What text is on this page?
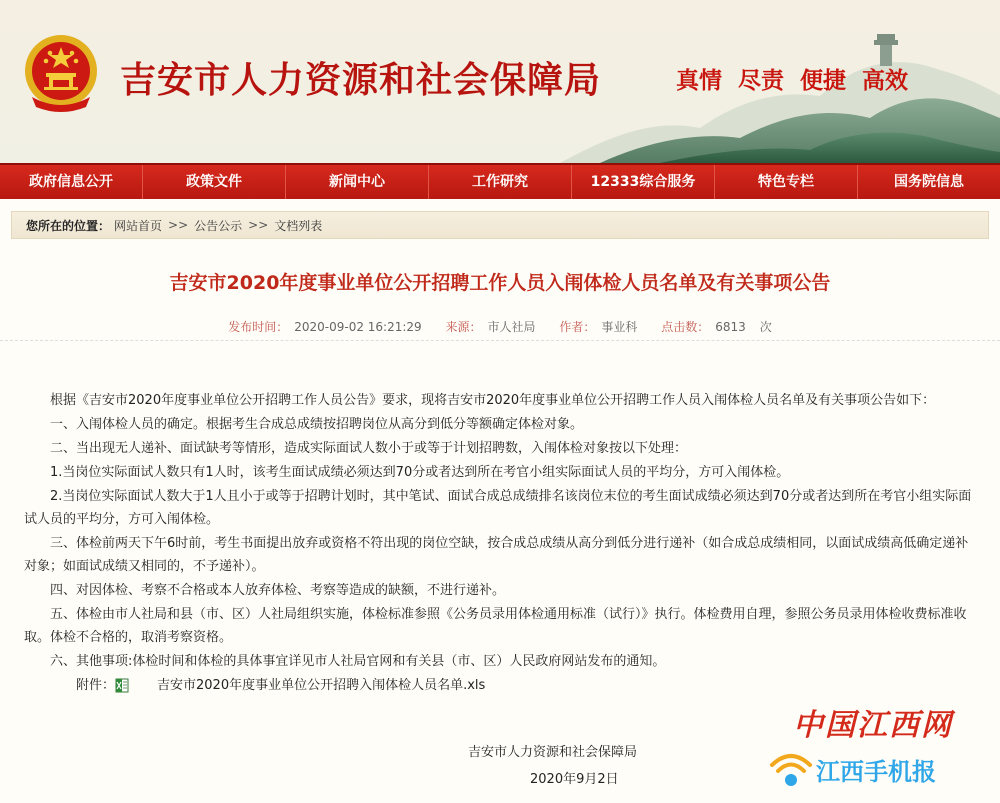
吉安市人力资源和社会保障局	真情 尽责 便捷 高效
政府信息公开	政策文件	新闻中心	工作研究	12333综合服务	特色专栏	国务院信息
您所在的位置： 网站首页 >> 公告公示 >> 文档列表
吉安市2020年度事业单位公开招聘工作人员入闱体检人员名单及有关事项公告
发布时间： 2020-09-02 16:21:29 来源： 市人社局 作者： 事业科 点击数： 6813 次

根据《吉安市2020年度事业单位公开招聘工作人员公告》要求，现将吉安市2020年度事业单位公开招聘工作人员入闱体检人员名单及有关事项公告如下：

一、入闱体检人员的确定。根据考生合成总成绩按招聘岗位从高分到低分等额确定体检对象。

二、当出现无人递补、面试缺考等情形，造成实际面试人数小于或等于计划招聘数，入闱体检对象按以下处理：

1.当岗位实际面试人数只有1人时，该考生面试成绩必须达到70分或者达到所在考官小组实际面试人员的平均分，方可入闱体检。

2.当岗位实际面试人数大于1人且小于或等于招聘计划时，其中笔试、面试合成总成绩排名该岗位末位的考生面试成绩必须达到70分或者达到所在考官小组实际面试人员的平均分，方可入闱体检。

三、体检前两天下午6时前，考生书面提出放弃或资格不符出现的岗位空缺，按合成总成绩从高分到低分进行递补（如合成总成绩相同，以面试成绩高低确定递补对象；如面试成绩又相同的，不予递补）。

四、对因体检、考察不合格或本人放弃体检、考察等造成的缺额，不进行递补。

五、体检由市人社局和县（市、区）人社局组织实施，体检标准参照《公务员录用体检通用标准（试行）》执行。体检费用自理，参照公务员录用体检收费标准收取。体检不合格的，取消考察资格。

六、其他事项:体检时间和体检的具体事宜详见市人社局官网和有关县（市、区）人民政府网站发布的通知。

附件：	吉安市2020年度事业单位公开招聘入闱体检人员名单.xls
吉安市人力资源和社会保障局
2020年9月2日
中国江西网
江西手机报
